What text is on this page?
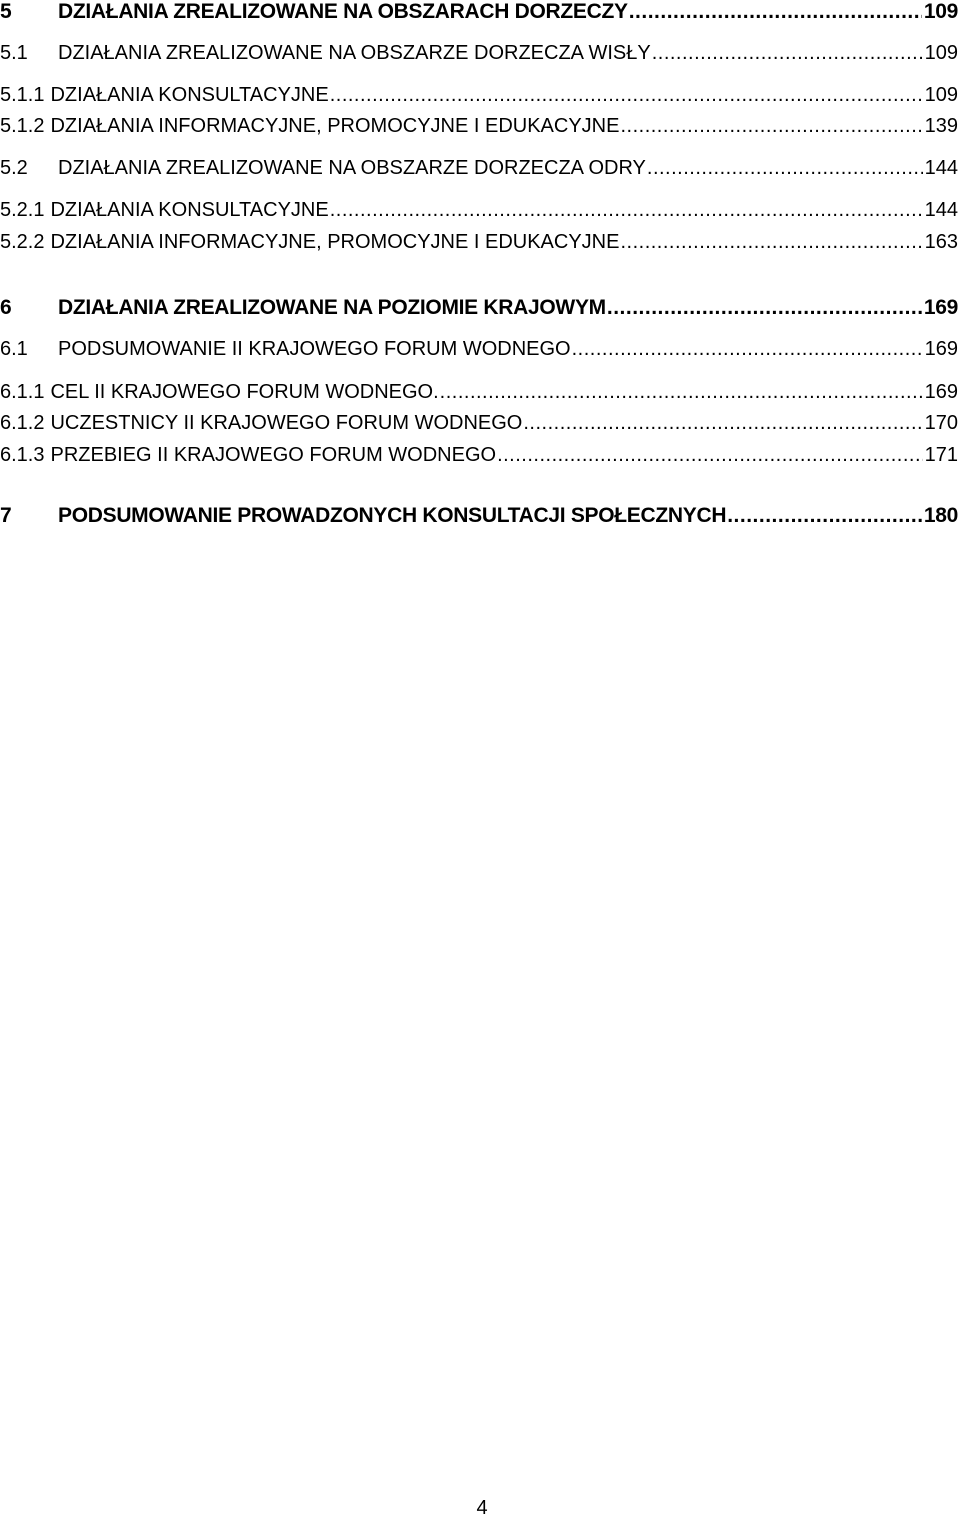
5	DZIAŁANIA ZREALIZOWANE NA OBSZARACH DORZECZY .....	109
5.1	DZIAŁANIA ZREALIZOWANE NA OBSZARZE DORZECZA WISŁY .....	109
5.1.1 DZIAŁANIA KONSULTACYJNE .....	109
5.1.2 DZIAŁANIA INFORMACYJNE, PROMOCYJNE I EDUKACYJNE .....	139
5.2	DZIAŁANIA ZREALIZOWANE NA OBSZARZE DORZECZA ODRY .....	144
5.2.1 DZIAŁANIA KONSULTACYJNE .....	144
5.2.2 DZIAŁANIA INFORMACYJNE, PROMOCYJNE I EDUKACYJNE .....	163
6	DZIAŁANIA ZREALIZOWANE NA POZIOMIE KRAJOWYM .....	169
6.1	PODSUMOWANIE II KRAJOWEGO FORUM WODNEGO .....	169
6.1.1 CEL II KRAJOWEGO FORUM WODNEGO. .....	169
6.1.2 UCZESTNICY II KRAJOWEGO FORUM WODNEGO .....	170
6.1.3 PRZEBIEG II KRAJOWEGO FORUM WODNEGO .....	171
7	PODSUMOWANIE PROWADZONYCH KONSULTACJI SPOŁECZNYCH .....	180
4
